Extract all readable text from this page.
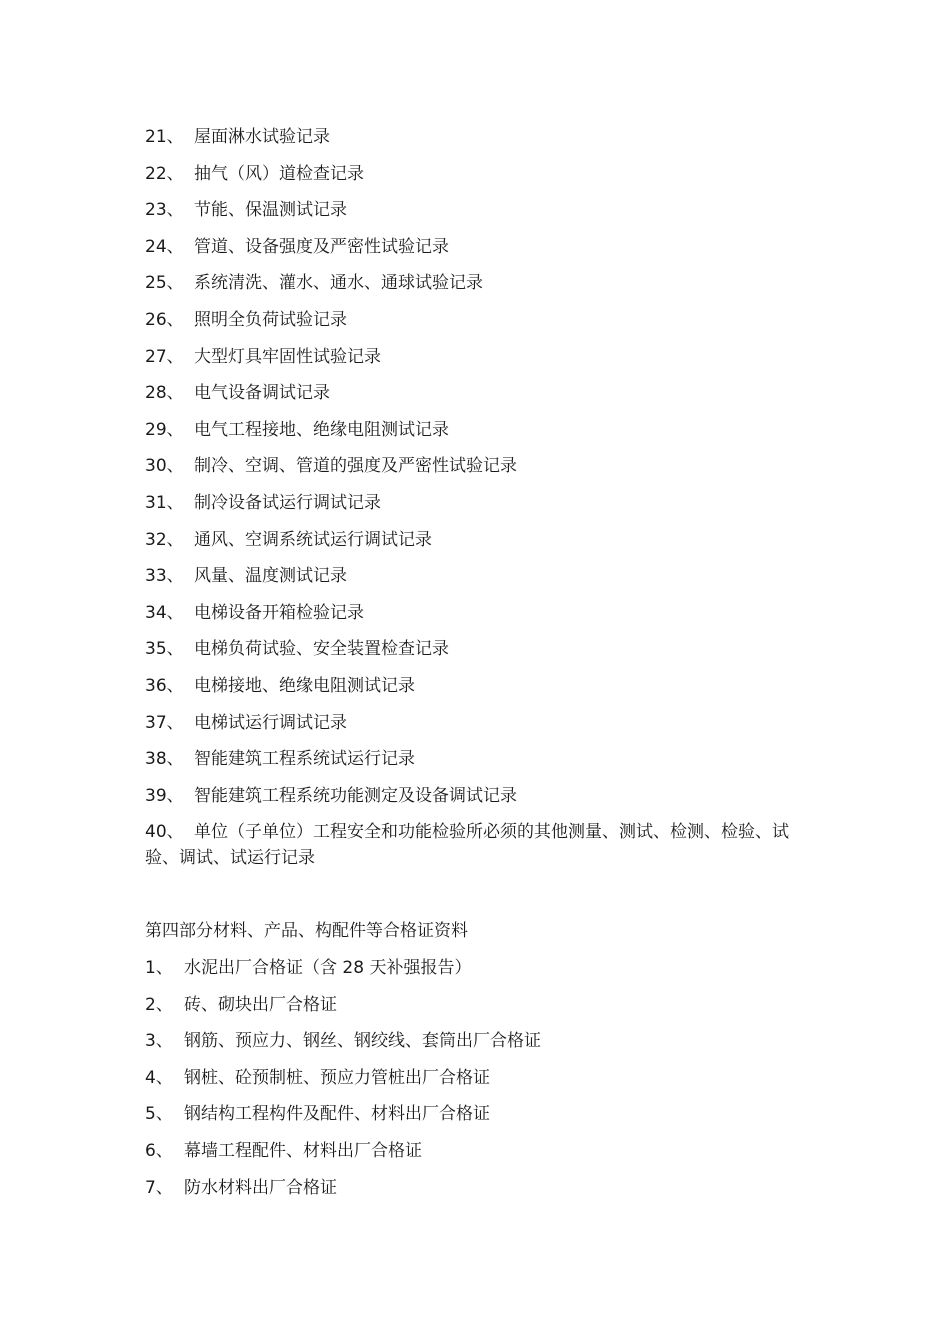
21、 屋面淋水试验记录
22、 抽气（风）道检查记录
23、 节能、保温测试记录
24、 管道、设备强度及严密性试验记录
25、 系统清洗、灌水、通水、通球试验记录
26、 照明全负荷试验记录
27、 大型灯具牢固性试验记录
28、 电气设备调试记录
29、 电气工程接地、绝缘电阻测试记录
30、 制冷、空调、管道的强度及严密性试验记录
31、 制冷设备试运行调试记录
32、 通风、空调系统试运行调试记录
33、 风量、温度测试记录
34、 电梯设备开箱检验记录
35、 电梯负荷试验、安全装置检查记录
36、 电梯接地、绝缘电阻测试记录
37、 电梯试运行调试记录
38、 智能建筑工程系统试运行记录
39、 智能建筑工程系统功能测定及设备调试记录
40、 单位（子单位）工程安全和功能检验所必须的其他测量、测试、检测、检验、试验、调试、试运行记录
第四部分材料、产品、构配件等合格证资料
1、 水泥出厂合格证（含 28 天补强报告）
2、 砖、砌块出厂合格证
3、 钢筋、预应力、钢丝、钢绞线、套筒出厂合格证
4、 钢桩、砼预制桩、预应力管桩出厂合格证
5、 钢结构工程构件及配件、材料出厂合格证
6、 幕墙工程配件、材料出厂合格证
7、 防水材料出厂合格证
